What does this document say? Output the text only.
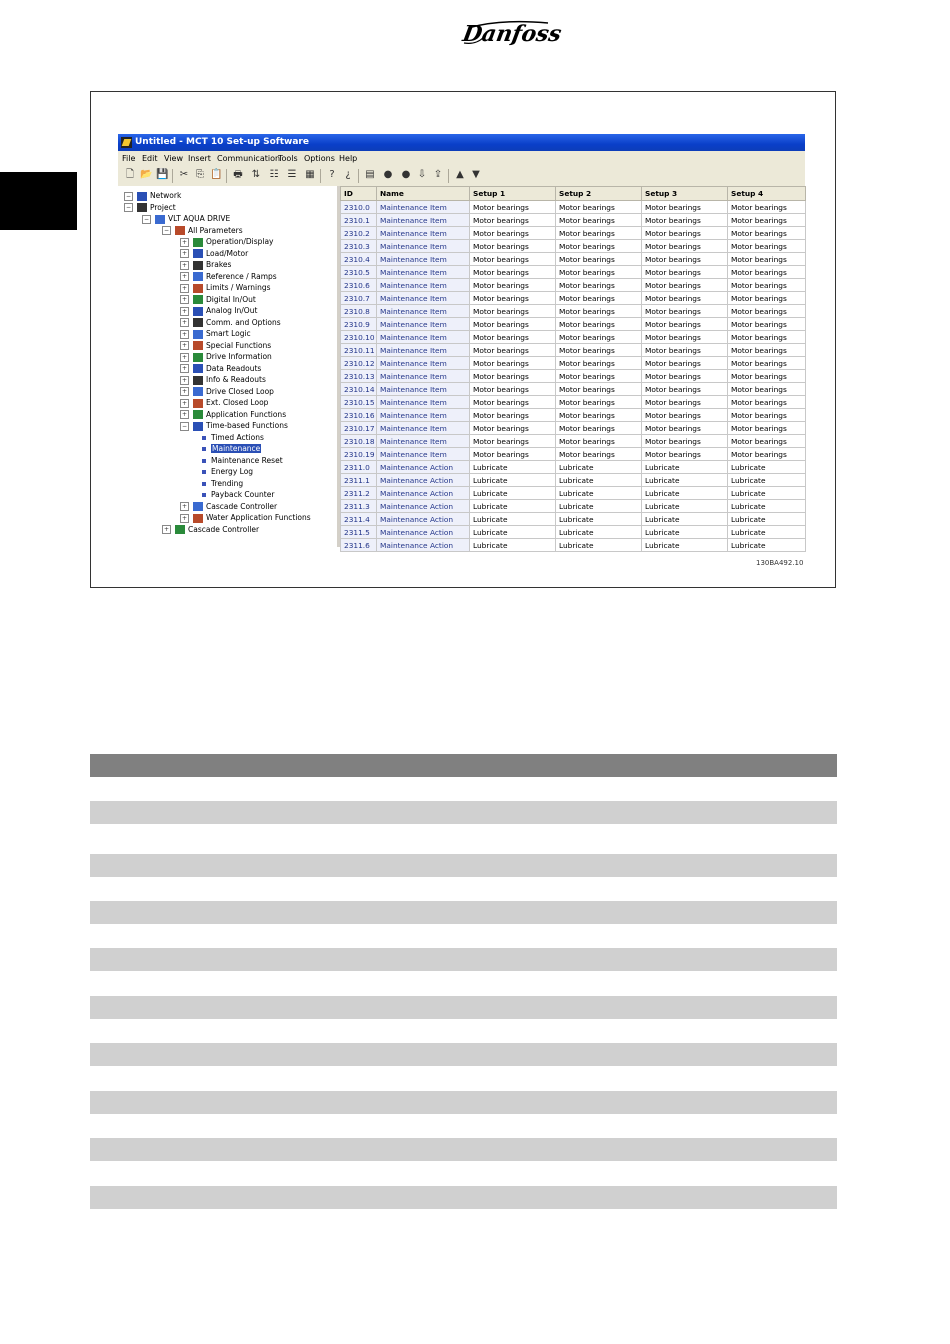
Danfoss
Untitled - MCT 10 Set-up Software
File Edit View Insert Communication
Tools Options Help
🗋 📂 💾 ✂ ⎘ 📋 🖶 ⇅ ☷ ☰ ▦	?	¿	▤ ● ● ⇩ ⇪ ▲ ▼
−	Network
−	Project
−	VLT AQUA DRIVE
−	All Parameters
+	Operation/Display
+	Load/Motor
+	Brakes
+	Reference / Ramps
+	Limits / Warnings
+	Digital In/Out
+	Analog In/Out
+	Comm. and Options
+	Smart Logic
+	Special Functions
+	Drive Information
+	Data Readouts
+	Info & Readouts
+	Drive Closed Loop
+	Ext. Closed Loop
+	Application Functions
−	Time-based Functions
Timed Actions
Maintenance
Maintenance Reset
Energy Log
Trending
Payback Counter
+	Cascade Controller
+	Water Application Functions
+	Cascade Controller
ID	Name	Setup 1	Setup 2	Setup 3	Setup 4
2310.0	Maintenance Item	Motor bearings	Motor bearings	Motor bearings	Motor bearings
2310.1	Maintenance Item	Motor bearings	Motor bearings	Motor bearings	Motor bearings
2310.2	Maintenance Item	Motor bearings	Motor bearings	Motor bearings	Motor bearings
2310.3	Maintenance Item	Motor bearings	Motor bearings	Motor bearings	Motor bearings
2310.4	Maintenance Item	Motor bearings	Motor bearings	Motor bearings	Motor bearings
2310.5	Maintenance Item	Motor bearings	Motor bearings	Motor bearings	Motor bearings
2310.6	Maintenance Item	Motor bearings	Motor bearings	Motor bearings	Motor bearings
2310.7	Maintenance Item	Motor bearings	Motor bearings	Motor bearings	Motor bearings
2310.8	Maintenance Item	Motor bearings	Motor bearings	Motor bearings	Motor bearings
2310.9	Maintenance Item	Motor bearings	Motor bearings	Motor bearings	Motor bearings
2310.10	Maintenance Item	Motor bearings	Motor bearings	Motor bearings	Motor bearings
2310.11	Maintenance Item	Motor bearings	Motor bearings	Motor bearings	Motor bearings
2310.12	Maintenance Item	Motor bearings	Motor bearings	Motor bearings	Motor bearings
2310.13	Maintenance Item	Motor bearings	Motor bearings	Motor bearings	Motor bearings
2310.14	Maintenance Item	Motor bearings	Motor bearings	Motor bearings	Motor bearings
2310.15	Maintenance Item	Motor bearings	Motor bearings	Motor bearings	Motor bearings
2310.16	Maintenance Item	Motor bearings	Motor bearings	Motor bearings	Motor bearings
2310.17	Maintenance Item	Motor bearings	Motor bearings	Motor bearings	Motor bearings
2310.18	Maintenance Item	Motor bearings	Motor bearings	Motor bearings	Motor bearings
2310.19	Maintenance Item	Motor bearings	Motor bearings	Motor bearings	Motor bearings
2311.0	Maintenance Action	Lubricate	Lubricate	Lubricate	Lubricate
2311.1	Maintenance Action	Lubricate	Lubricate	Lubricate	Lubricate
2311.2	Maintenance Action	Lubricate	Lubricate	Lubricate	Lubricate
2311.3	Maintenance Action	Lubricate	Lubricate	Lubricate	Lubricate
2311.4	Maintenance Action	Lubricate	Lubricate	Lubricate	Lubricate
2311.5	Maintenance Action	Lubricate	Lubricate	Lubricate	Lubricate
2311.6	Maintenance Action	Lubricate	Lubricate	Lubricate	Lubricate
130BA492.10
